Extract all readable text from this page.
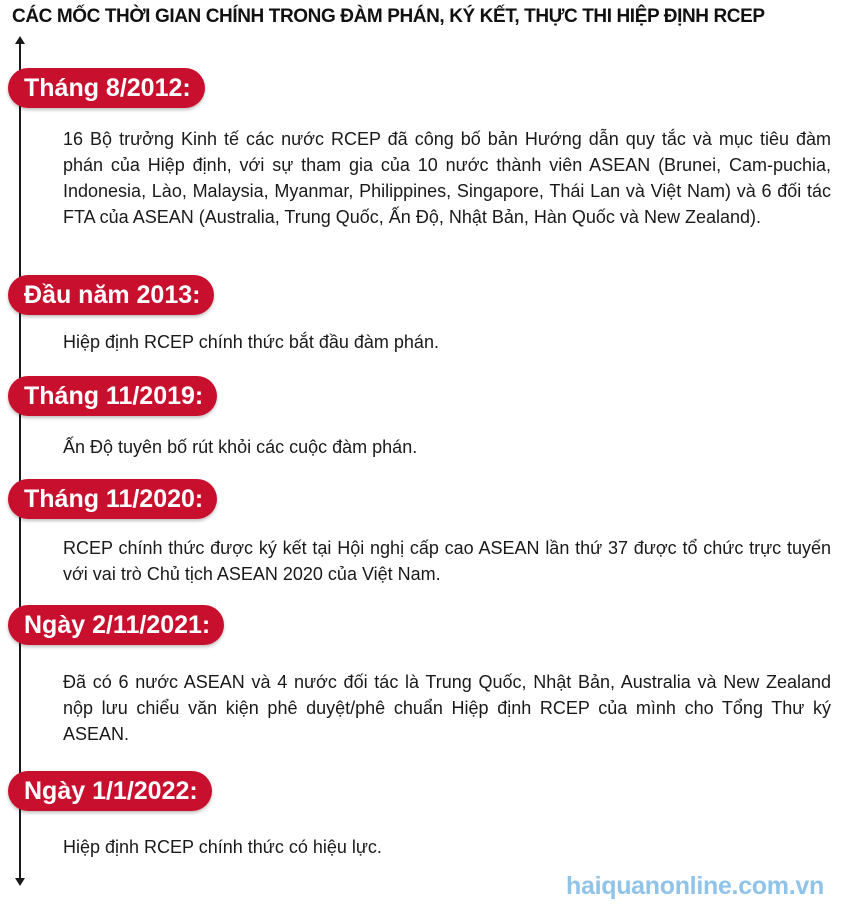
CÁC MỐC THỜI GIAN CHÍNH TRONG ĐÀM PHÁN, KÝ KẾT, THỰC THI HIỆP ĐỊNH RCEP
Tháng 8/2012:
16 Bộ trưởng Kinh tế các nước RCEP đã công bố bản Hướng dẫn quy tắc và mục tiêu đàm phán của Hiệp định, với sự tham gia của 10 nước thành viên ASEAN (Brunei, Cam-puchia, Indonesia, Lào, Malaysia, Myanmar, Philippines, Singapore, Thái Lan và Việt Nam) và 6 đối tác FTA của ASEAN (Australia, Trung Quốc, Ấn Độ, Nhật Bản, Hàn Quốc và New Zealand).
Đầu năm 2013:
Hiệp định RCEP chính thức bắt đầu đàm phán.
Tháng 11/2019:
Ấn Độ tuyên bố rút khỏi các cuộc đàm phán.
Tháng 11/2020:
RCEP chính thức được ký kết tại Hội nghị cấp cao ASEAN lần thứ 37 được tổ chức trực tuyến với vai trò Chủ tịch ASEAN 2020 của Việt Nam.
Ngày 2/11/2021:
Đã có 6 nước ASEAN và 4 nước đối tác là Trung Quốc, Nhật Bản, Australia và New Zealand nộp lưu chiểu văn kiện phê duyệt/phê chuẩn Hiệp định RCEP của mình cho Tổng Thư ký ASEAN.
Ngày 1/1/2022:
Hiệp định RCEP chính thức có hiệu lực.
haiquanonline.com.vn
